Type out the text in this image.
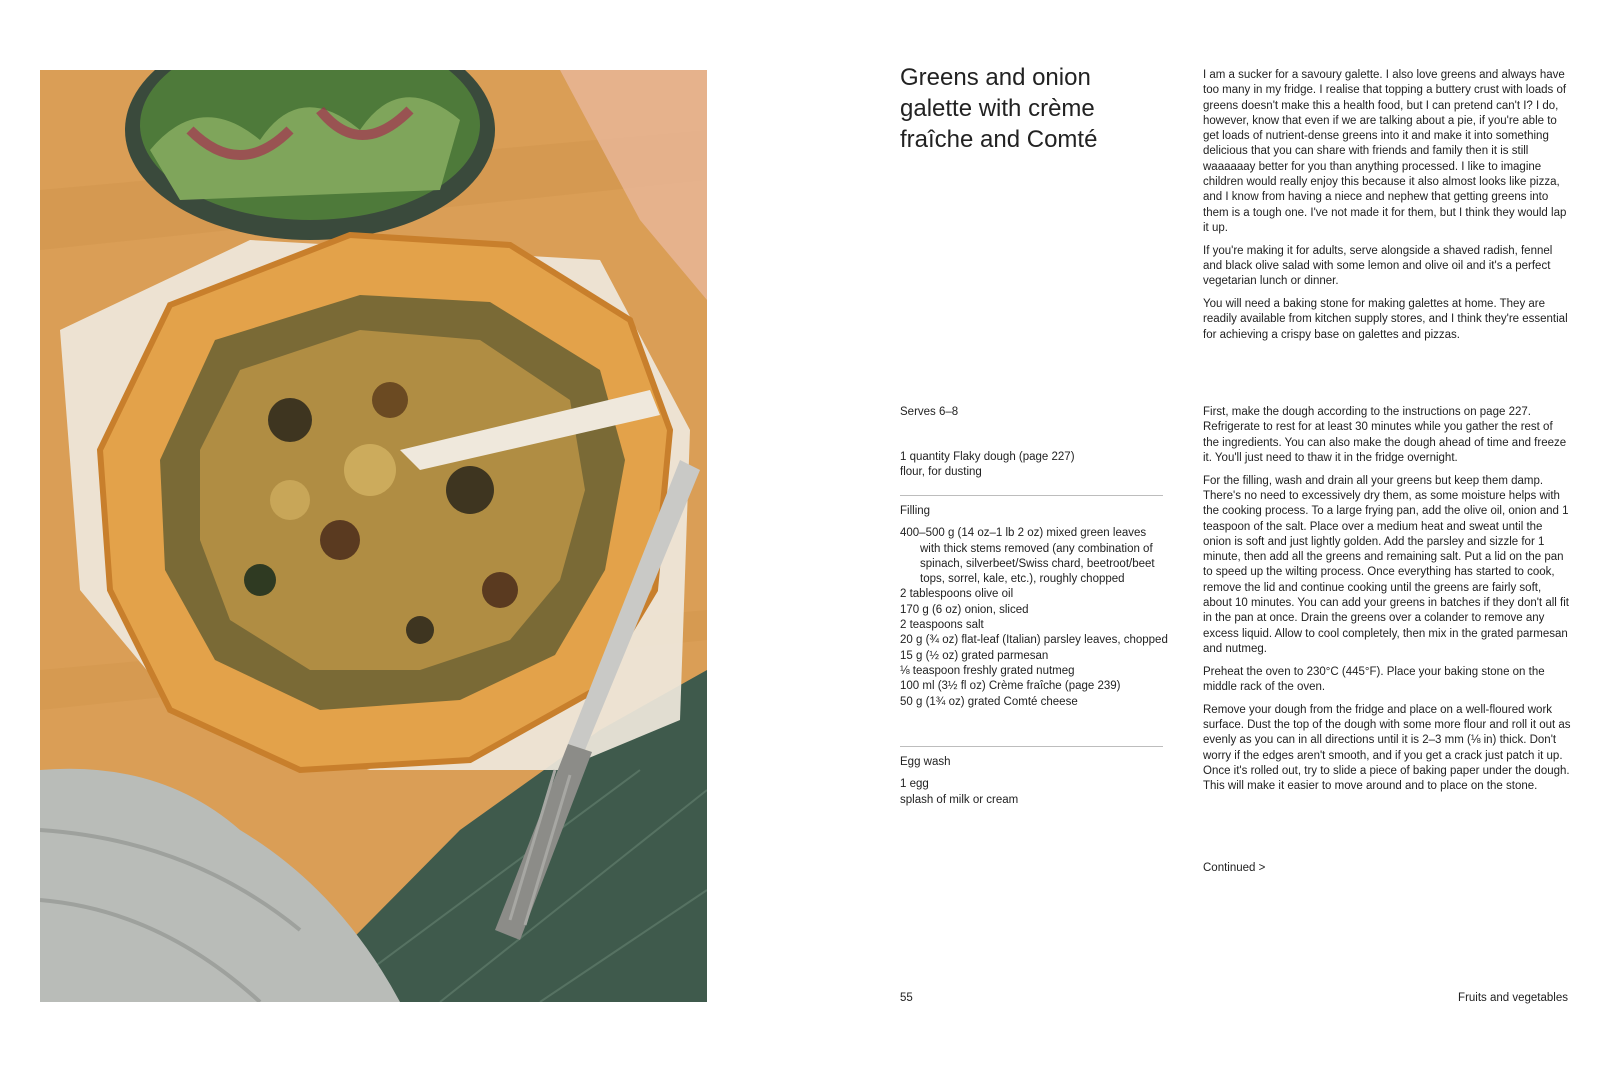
Greens and onion galette with crème fraîche and Comté

I am a sucker for a savoury galette. I also love greens and always have too many in my fridge. I realise that topping a buttery crust with loads of greens doesn't make this a health food, but I can pretend can't I? I do, however, know that even if we are talking about a pie, if you're able to get loads of nutrient-dense greens into it and make it into something delicious that you can share with friends and family then it is still waaaaaay better for you than anything processed. I like to imagine children would really enjoy this because it also almost looks like pizza, and I know from having a niece and nephew that getting greens into them is a tough one. I've not made it for them, but I think they would lap it up.

If you're making it for adults, serve alongside a shaved radish, fennel and black olive salad with some lemon and olive oil and it's a perfect vegetarian lunch or dinner.

You will need a baking stone for making galettes at home. They are readily available from kitchen supply stores, and I think they're essential for achieving a crispy base on galettes and pizzas.

Serves 6–8
1 quantity Flaky dough (page 227)
flour, for dusting
Filling
400–500 g (14 oz–1 lb 2 oz) mixed green leaves with thick stems removed (any combination of spinach, silverbeet/Swiss chard, beetroot/beet tops, sorrel, kale, etc.), roughly chopped
2 tablespoons olive oil
170 g (6 oz) onion, sliced
2 teaspoons salt
20 g (¾ oz) flat-leaf (Italian) parsley leaves, chopped
15 g (½ oz) grated parmesan
⅛ teaspoon freshly grated nutmeg
100 ml (3½ fl oz) Crème fraîche (page 239)
50 g (1¾ oz) grated Comté cheese
Egg wash
1 egg
splash of milk or cream

First, make the dough according to the instructions on page 227. Refrigerate to rest for at least 30 minutes while you gather the rest of the ingredients. You can also make the dough ahead of time and freeze it. You'll just need to thaw it in the fridge overnight.

For the filling, wash and drain all your greens but keep them damp. There's no need to excessively dry them, as some moisture helps with the cooking process. To a large frying pan, add the olive oil, onion and 1 teaspoon of the salt. Place over a medium heat and sweat until the onion is soft and just lightly golden. Add the parsley and sizzle for 1 minute, then add all the greens and remaining salt. Put a lid on the pan to speed up the wilting process. Once everything has started to cook, remove the lid and continue cooking until the greens are fairly soft, about 10 minutes. You can add your greens in batches if they don't all fit in the pan at once. Drain the greens over a colander to remove any excess liquid. Allow to cool completely, then mix in the grated parmesan and nutmeg.

Preheat the oven to 230°C (445°F). Place your baking stone on the middle rack of the oven.

Remove your dough from the fridge and place on a well-floured work surface. Dust the top of the dough with some more flour and roll it out as evenly as you can in all directions until it is 2–3 mm (⅛ in) thick. Don't worry if the edges aren't smooth, and if you get a crack just patch it up. Once it's rolled out, try to slide a piece of baking paper under the dough. This will make it easier to move around and to place on the stone.

Continued >
55	Fruits and vegetables
